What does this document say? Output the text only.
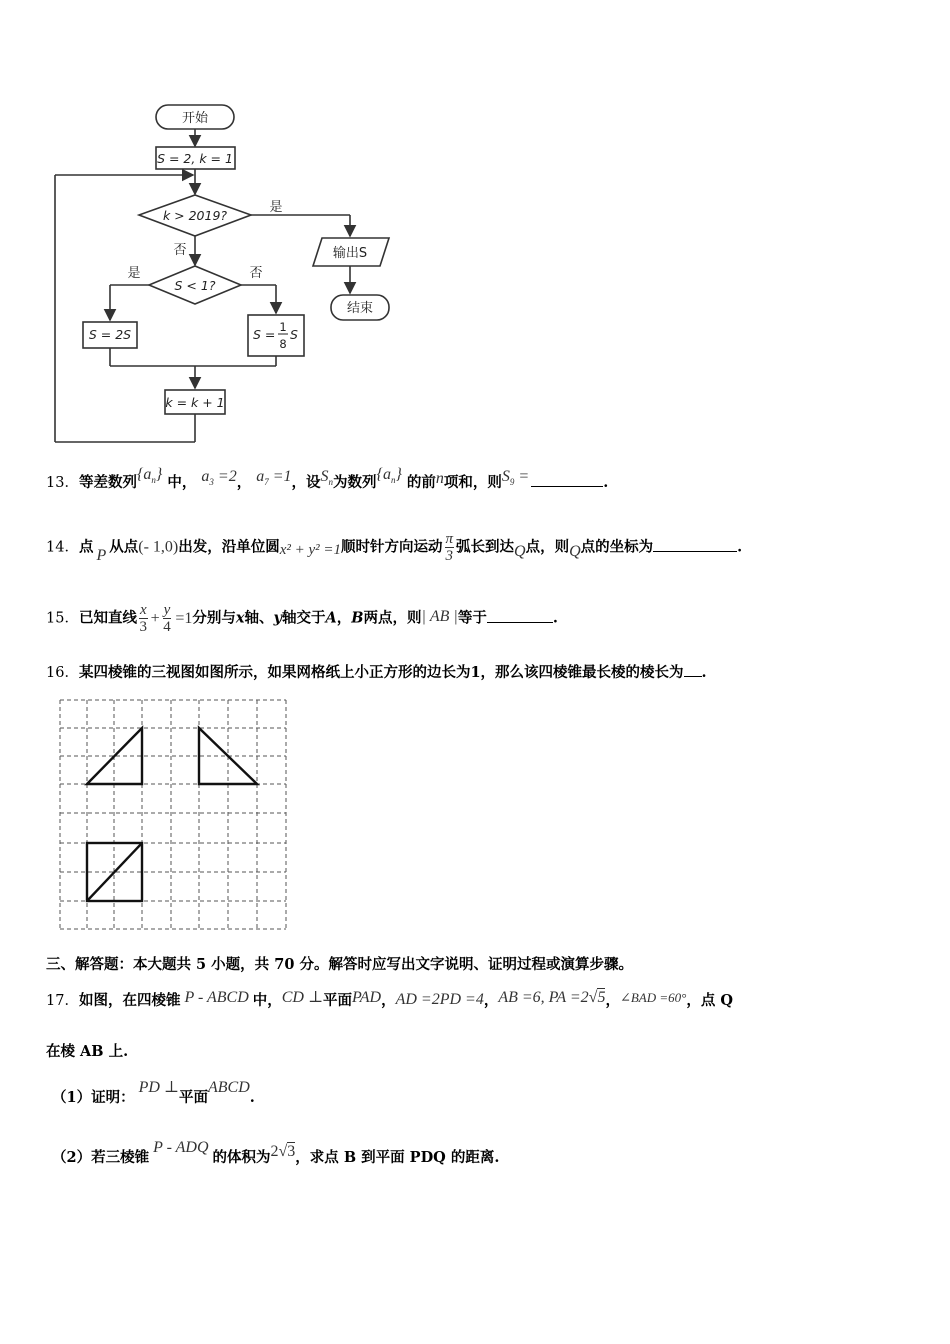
开始
S = 2, k = 1
k > 2019?
是
否	输出S
结束
S < 1?
是	否
S = 2S	S = 1
8
S
k = k + 1
13．等差数列$\{a_n\}$ 中， $a_3 =2$， $a_7 =1$，设$S_n$为数列$\{a_n\}$ 的前n项和，则$S_9$ =	.
14．点 P 从点(- 1,0)出发，沿单位圆x² + y² =1顺时针方向运动 $\frac{\pi}{3}$ 弧长到达Q点，则Q点的坐标为	.
15．已知直线 $\frac{x}{3} + \frac{y}{4} =1$分别与x轴、y轴交于A，B两点，则| AB |等于	.
16．某四棱锥的三视图如图所示，如果网格纸上小正方形的边长为1，那么该四棱锥最长棱的棱长为 .
三、解答题：本大题共 5 小题，共 70 分。解答时应写出文字说明、证明过程或演算步骤。
17．如图，在四棱锥 P - ABCD 中，CD ⊥平面PAD，AD =2PD =4，AB =6, PA =2√5，∠BAD =60°，点 Q
在棱 AB 上.
（1）证明：PD ⊥平面ABCD.
（2）若三棱锥P - ADQ的体积为2√3，求点 B 到平面 PDQ 的距离.
